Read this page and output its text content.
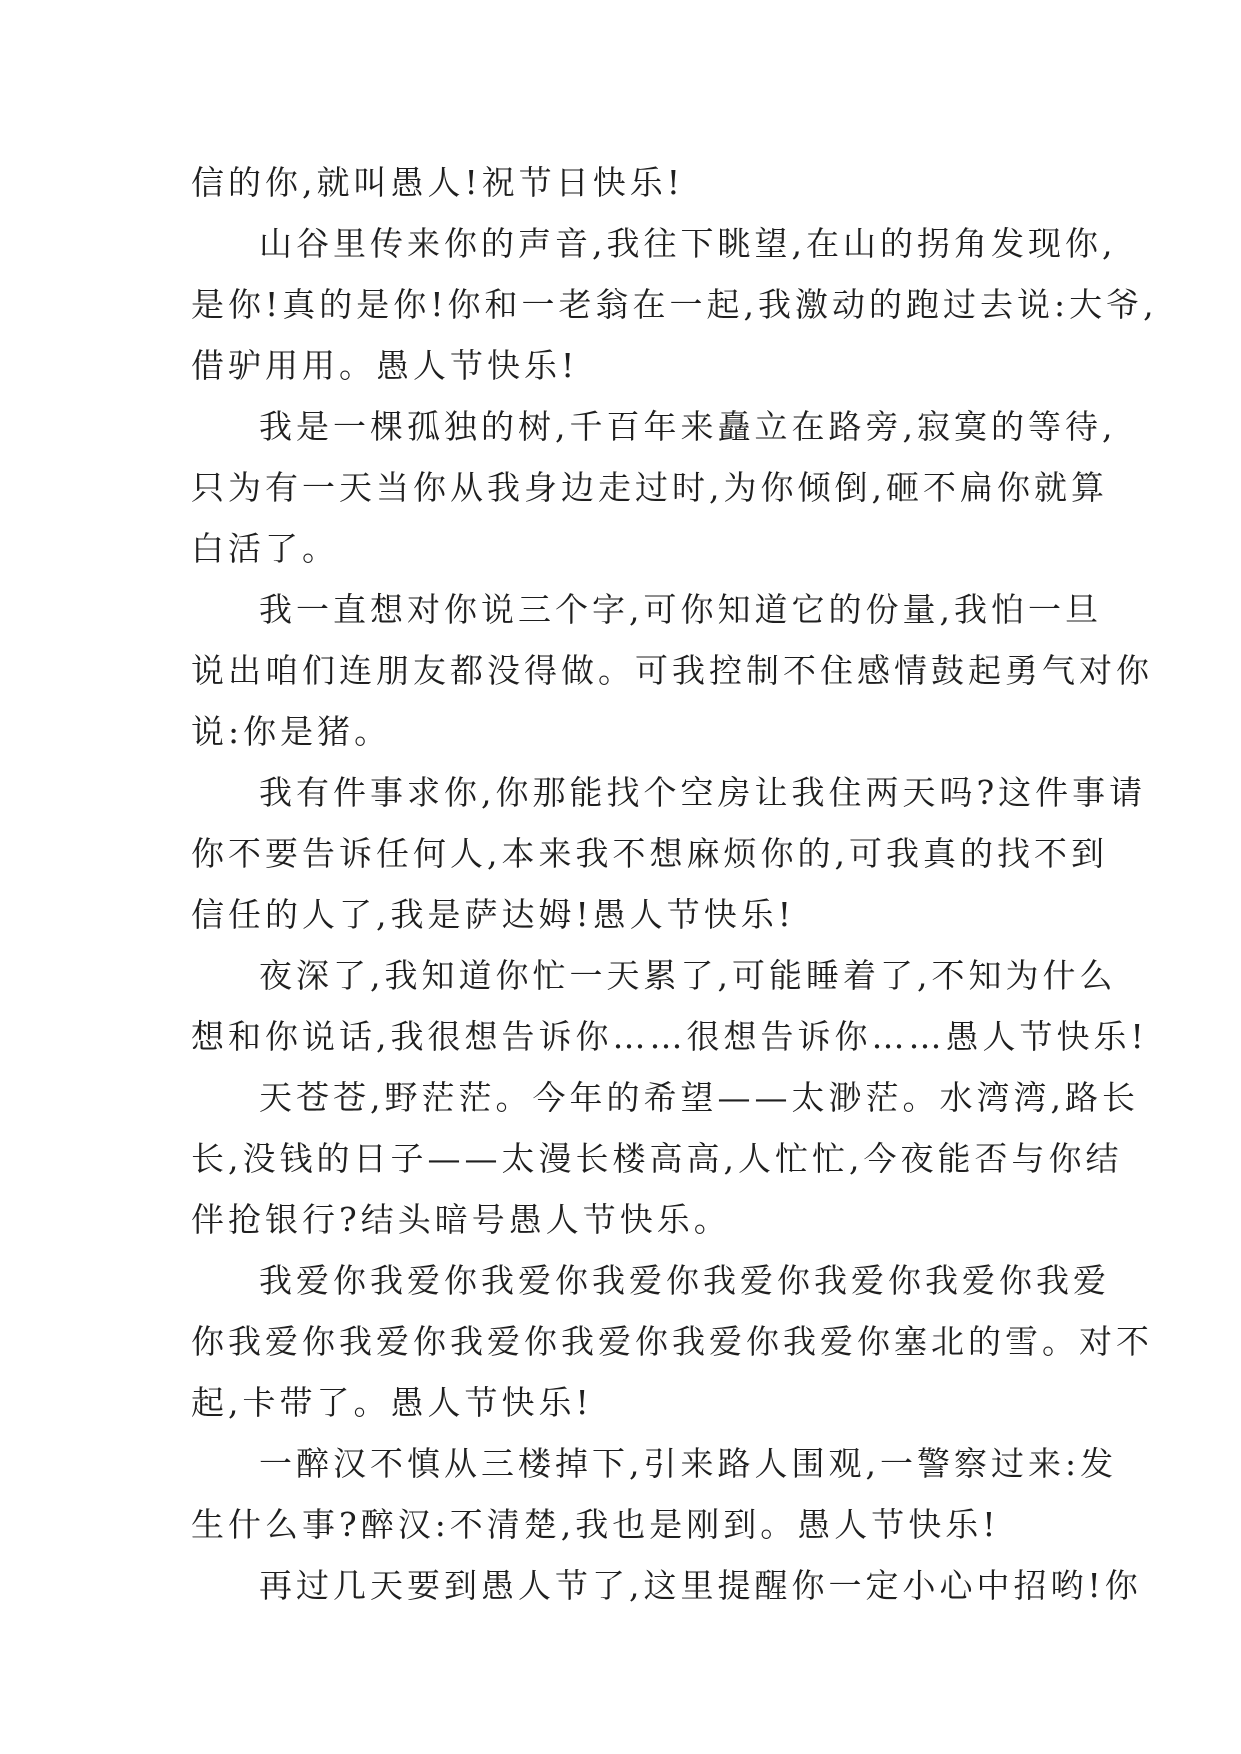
信的你,就叫愚人!祝节日快乐!
山谷里传来你的声音,我往下眺望,在山的拐角发现你,
是你!真的是你!你和一老翁在一起,我激动的跑过去说:大爷,
借驴用用。愚人节快乐!
我是一棵孤独的树,千百年来矗立在路旁,寂寞的等待,
只为有一天当你从我身边走过时,为你倾倒,砸不扁你就算
白活了。
我一直想对你说三个字,可你知道它的份量,我怕一旦
说出咱们连朋友都没得做。可我控制不住感情鼓起勇气对你
说:你是猪。
我有件事求你,你那能找个空房让我住两天吗?这件事请
你不要告诉任何人,本来我不想麻烦你的,可我真的找不到
信任的人了,我是萨达姆!愚人节快乐!
夜深了,我知道你忙一天累了,可能睡着了,不知为什么
想和你说话,我很想告诉你……很想告诉你……愚人节快乐!
天苍苍,野茫茫。今年的希望——太渺茫。水湾湾,路长
长,没钱的日子——太漫长楼高高,人忙忙,今夜能否与你结
伴抢银行?结头暗号愚人节快乐。
我爱你我爱你我爱你我爱你我爱你我爱你我爱你我爱
你我爱你我爱你我爱你我爱你我爱你我爱你塞北的雪。对不
起,卡带了。愚人节快乐!
一醉汉不慎从三楼掉下,引来路人围观,一警察过来:发
生什么事?醉汉:不清楚,我也是刚到。愚人节快乐!
再过几天要到愚人节了,这里提醒你一定小心中招哟!你
